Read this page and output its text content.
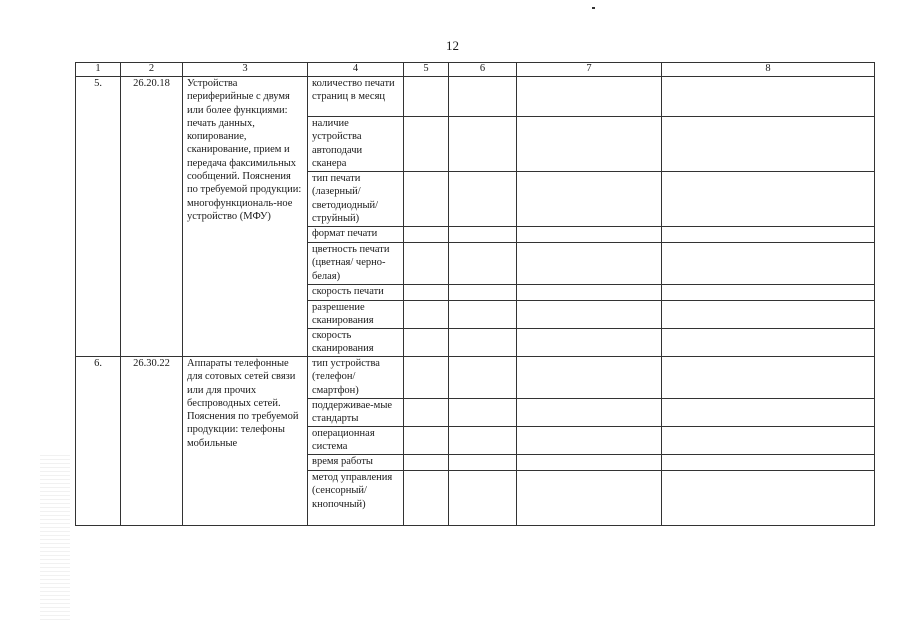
12
1	2	3	4	5	6	7	8
5.	26.20.18	Устройства периферийные с двумя или более функциями: печать данных, копирование, сканирование, прием и передача факсимильных сообщений. Пояснения по требуемой продукции: многофункциональ-ное устройство (МФУ)	количество печати страниц в месяц				
			наличие устройства автоподачи сканера				
			тип печати (лазерный/ светодиодный/ струйный)				
			формат печати				
			цветность печати (цветная/ черно-белая)				
			скорость печати				
			разрешение сканирования				
			скорость сканирования				
6.	26.30.22	Аппараты телефонные для сотовых сетей связи или для прочих беспроводных сетей. Пояснения по требуемой продукции: телефоны мобильные	тип устройства (телефон/ смартфон)				
			поддерживае-мые стандарты				
			операционная система				
			время работы				
			метод управления (сенсорный/ кнопочный)				
